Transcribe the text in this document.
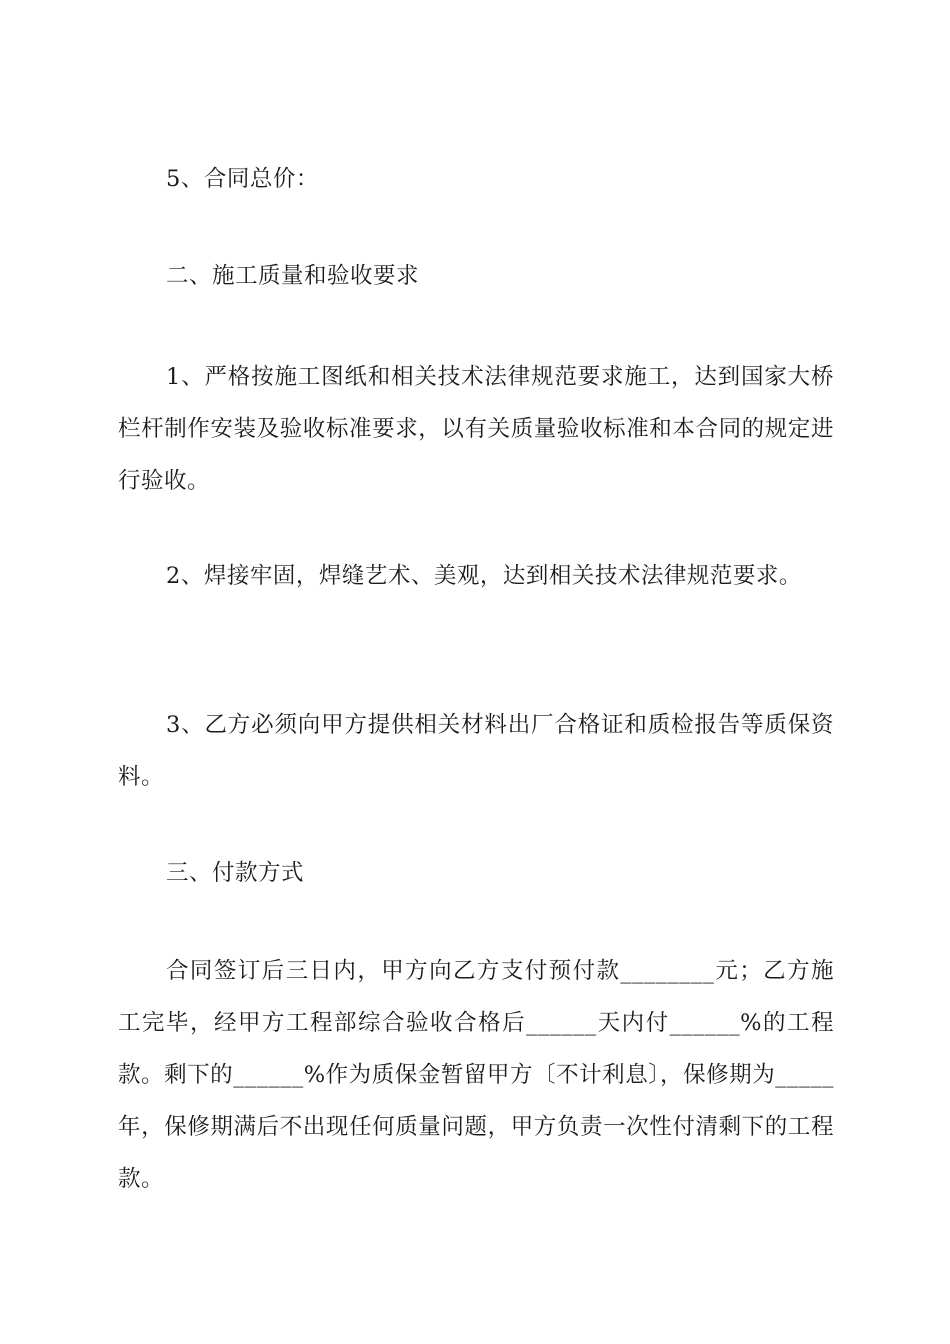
5、合同总价：

二、施工质量和验收要求

1、严格按施工图纸和相关技术法律规范要求施工，达到国家大桥栏杆制作安装及验收标准要求，以有关质量验收标准和本合同的规定进行验收。

2、焊接牢固，焊缝艺术、美观，达到相关技术法律规范要求。

3、乙方必须向甲方提供相关材料出厂合格证和质检报告等质保资料。

三、付款方式

合同签订后三日内，甲方向乙方支付预付款________元；乙方施工完毕，经甲方工程部综合验收合格后______天内付______%的工程款。剩下的______%作为质保金暂留甲方〔不计利息〕，保修期为_____年，保修期满后不出现任何质量问题，甲方负责一次性付清剩下的工程款。
